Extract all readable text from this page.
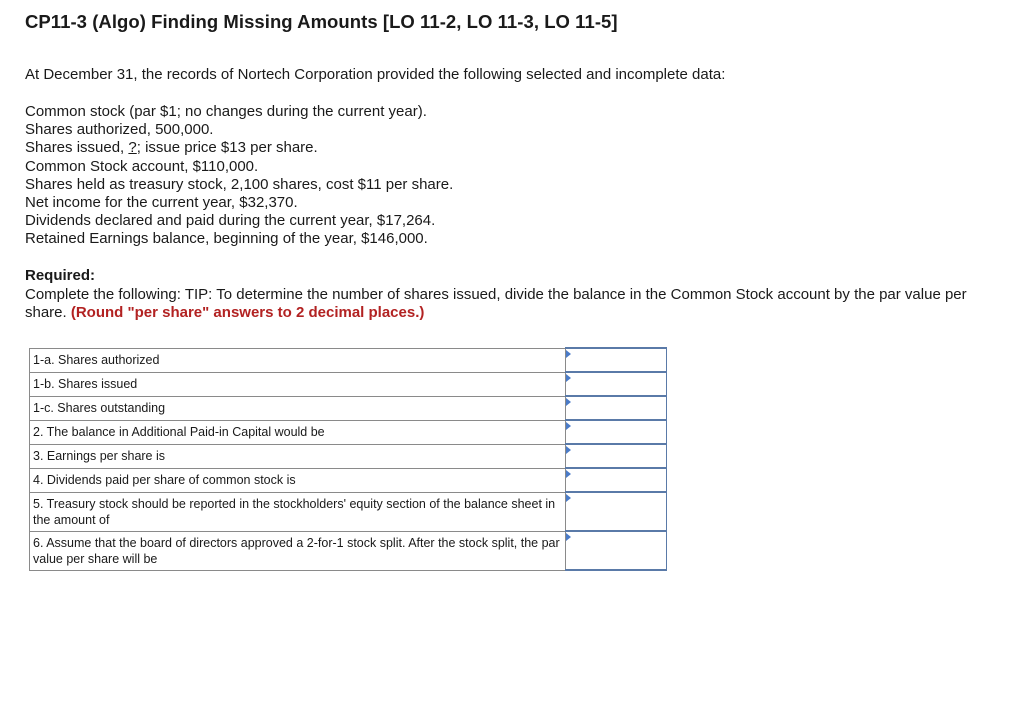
CP11-3 (Algo) Finding Missing Amounts [LO 11-2, LO 11-3, LO 11-5]
At December 31, the records of Nortech Corporation provided the following selected and incomplete data:
Common stock (par $1; no changes during the current year).
Shares authorized, 500,000.
Shares issued, ?; issue price $13 per share.
Common Stock account, $110,000.
Shares held as treasury stock, 2,100 shares, cost $11 per share.
Net income for the current year, $32,370.
Dividends declared and paid during the current year, $17,264.
Retained Earnings balance, beginning of the year, $146,000.
Required:
Complete the following: TIP: To determine the number of shares issued, divide the balance in the Common Stock account by the par value per share. (Round "per share" answers to 2 decimal places.)
1-a. Shares authorized	

1-b. Shares issued	

1-c. Shares outstanding	

2. The balance in Additional Paid-in Capital would be	

3. Earnings per share is	

4. Dividends paid per share of common stock is	

5. Treasury stock should be reported in the stockholders' equity section of the balance sheet in the amount of	

6. Assume that the board of directors approved a 2-for-1 stock split. After the stock split, the par value per share will be	
